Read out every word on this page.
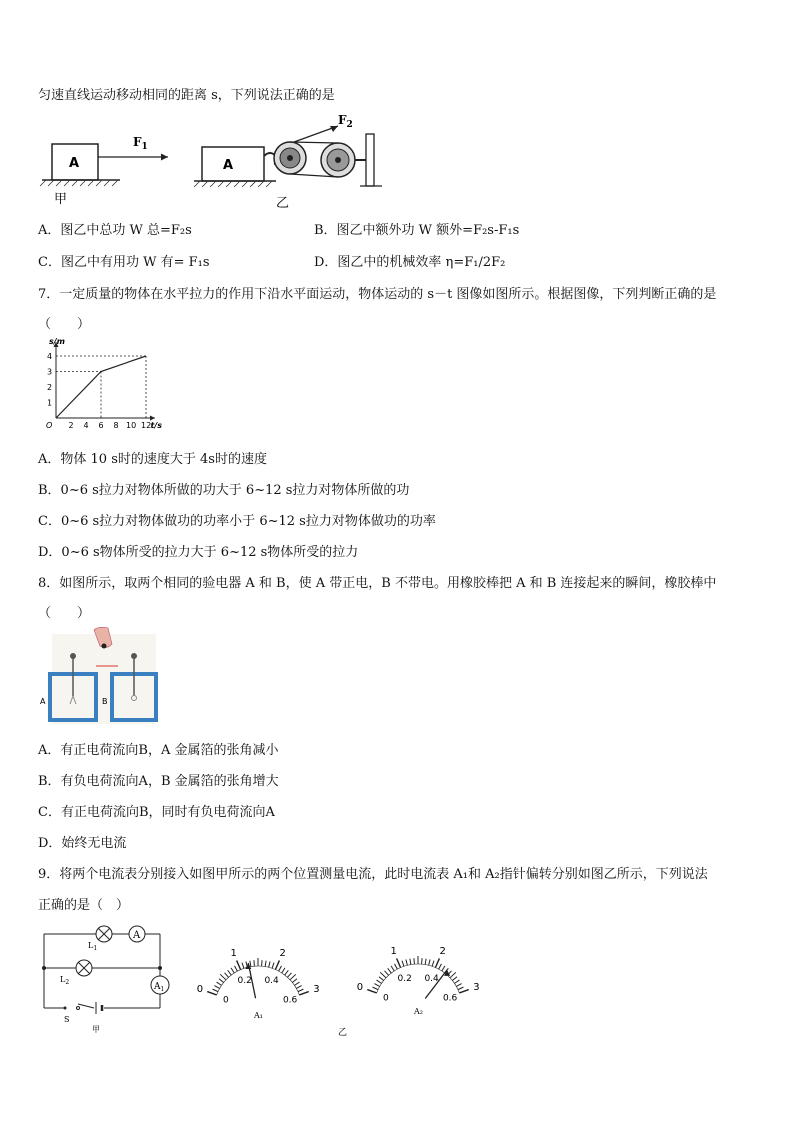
匀速直线运动移动相同的距离 s，下列说法正确的是
A
$F_1$
甲
A
$F_2$
乙
A．图乙中总功 W 总=F₂s	B．图乙中额外功 W 额外=F₂s-F₁s
C．图乙中有用功 W 有= F₁s	D．图乙中的机械效率 η=F₁/2F₂
7．一定质量的物体在水平拉力的作用下沿水平面运动，物体运动的 s－t 图像如图所示。根据图像，下列判断正确的是
（　　）
s/m
t/s
O
1
2
3
4
2 4 6 8 10 12
A．物体 10 s时的速度大于 4s时的速度
B．0~6 s拉力对物体所做的功大于 6~12 s拉力对物体所做的功
C．0~6 s拉力对物体做功的功率小于 6~12 s拉力对物体做功的功率
D．0~6 s物体所受的拉力大于 6~12 s物体所受的拉力
8．如图所示，取两个相同的验电器 A 和 B，使 A 带正电，B 不带电。用橡胶棒把 A 和 B 连接起来的瞬间，橡胶棒中
（　　）
A	B
A．有正电荷流向B，A 金属箔的张角减小
B．有负电荷流向A，B 金属箔的张角增大
C．有正电荷流向B，同时有负电荷流向A
D．始终无电流
9．将两个电流表分别接入如图甲所示的两个位置测量电流，此时电流表 A₁和 A₂指针偏转分别如图乙所示，下列说法
正确的是（　）
$L_1$
A
$L_2$	$A_1$
S
甲
0
1	2
3
0
0.2 0.4
0.6
0
1	2
3
0
0.2 0.4
0.6
A₁	A₂
乙
